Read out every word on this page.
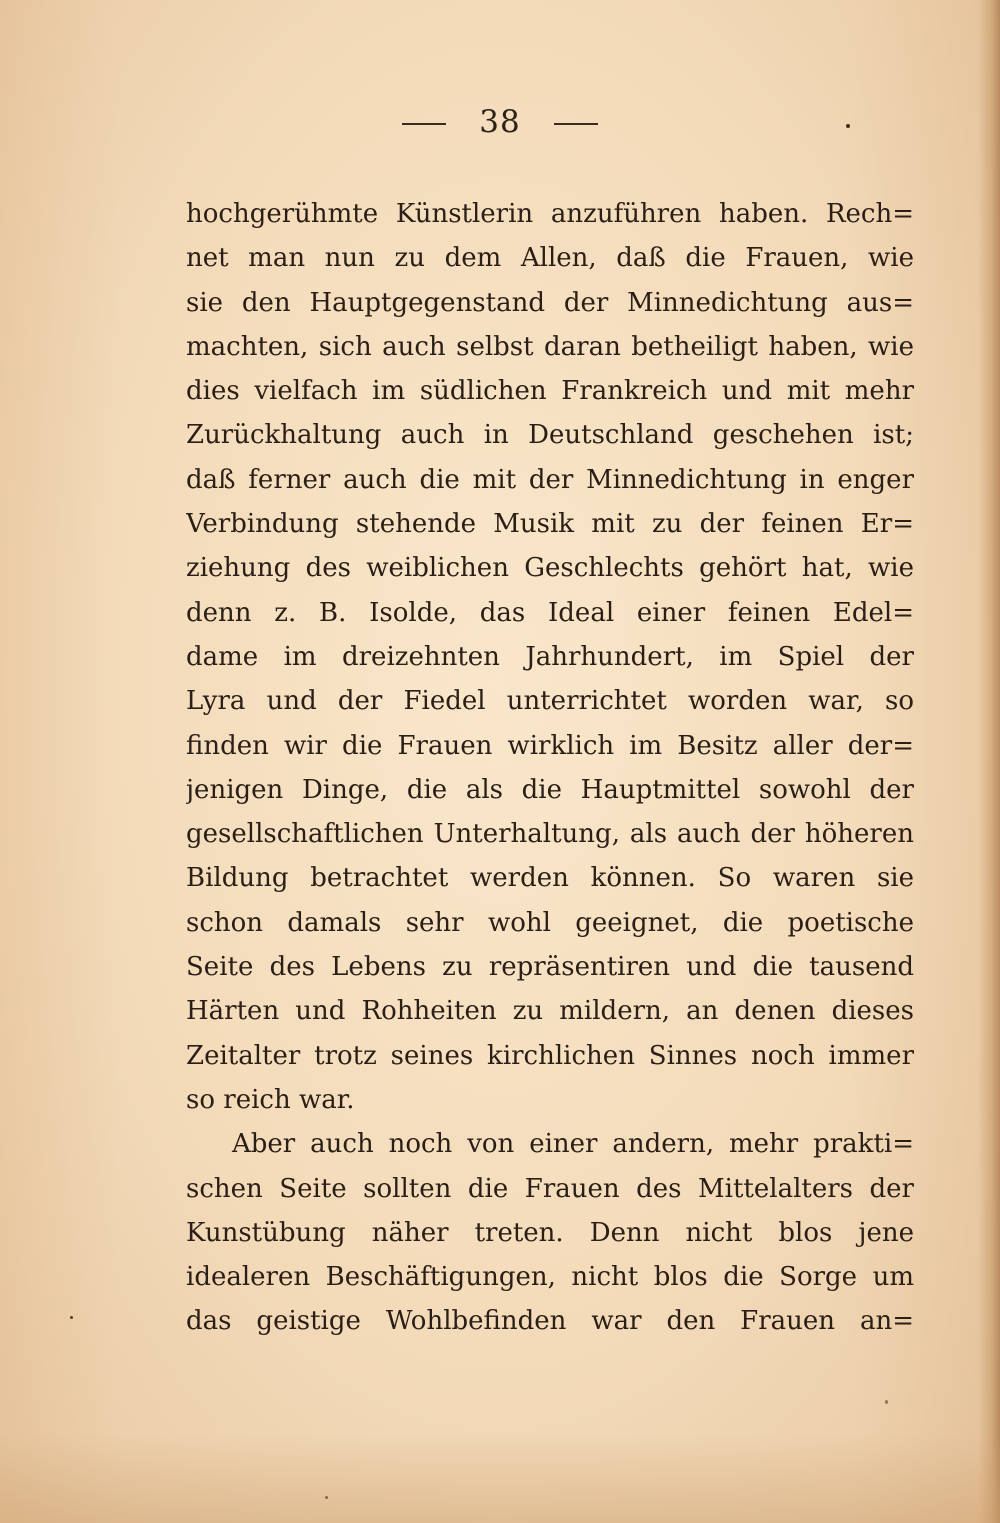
38
hochgerühmte Künstlerin anzuführen haben. Rech=
net man nun zu dem Allen, daß die Frauen, wie
sie den Hauptgegenstand der Minnedichtung aus=
machten, sich auch selbst daran betheiligt haben, wie
dies vielfach im südlichen Frankreich und mit mehr
Zurückhaltung auch in Deutschland geschehen ist;
daß ferner auch die mit der Minnedichtung in enger
Verbindung stehende Musik mit zu der feinen Er=
ziehung des weiblichen Geschlechts gehört hat, wie
denn z. B. Isolde, das Ideal einer feinen Edel=
dame im dreizehnten Jahrhundert, im Spiel der
Lyra und der Fiedel unterrichtet worden war, so
finden wir die Frauen wirklich im Besitz aller der=
jenigen Dinge, die als die Hauptmittel sowohl der
gesellschaftlichen Unterhaltung, als auch der höheren
Bildung betrachtet werden können. So waren sie
schon damals sehr wohl geeignet, die poetische
Seite des Lebens zu repräsentiren und die tausend
Härten und Rohheiten zu mildern, an denen dieses
Zeitalter trotz seines kirchlichen Sinnes noch immer
so reich war.
Aber auch noch von einer andern, mehr prakti=
schen Seite sollten die Frauen des Mittelalters der
Kunstübung näher treten. Denn nicht blos jene
idealeren Beschäftigungen, nicht blos die Sorge um
das geistige Wohlbefinden war den Frauen an=
